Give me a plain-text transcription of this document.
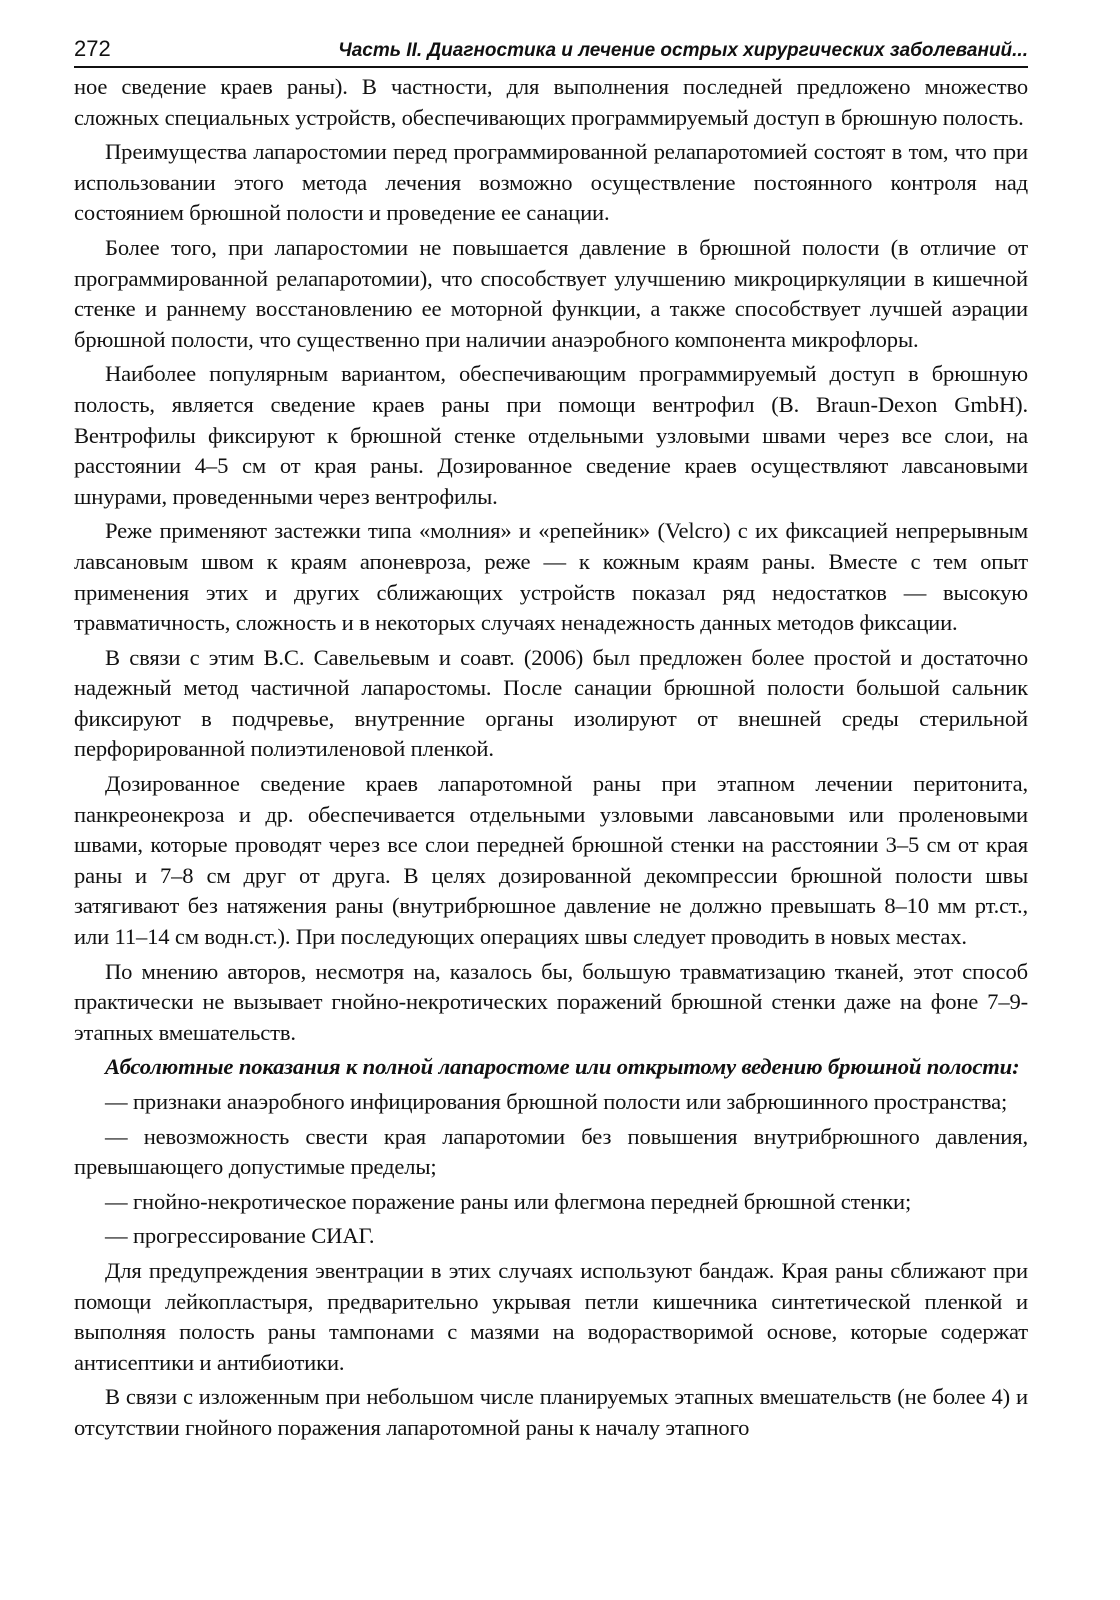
272	Часть II. Диагностика и лечение острых хирургических заболеваний...

ное сведение краев раны). В частности, для выполнения последней предложено множество сложных специальных устройств, обеспечивающих программируемый доступ в брюшную полость.

Преимущества лапаростомии перед программированной релапаротомией состоят в том, что при использовании этого метода лечения возможно осуществление постоянного контроля над состоянием брюшной полости и проведение ее санации.

Более того, при лапаростомии не повышается давление в брюшной полости (в отличие от программированной релапаротомии), что способствует улучшению микроциркуляции в кишечной стенке и раннему восстановлению ее моторной функции, а также способствует лучшей аэрации брюшной полости, что существенно при наличии анаэробного компонента микрофлоры.

Наиболее популярным вариантом, обеспечивающим программируемый доступ в брюшную полость, является сведение краев раны при помощи вентрофил (B. Braun-Dexon GmbH). Вентрофилы фиксируют к брюшной стенке отдельными узловыми швами через все слои, на расстоянии 4–5 см от края раны. Дозированное сведение краев осуществляют лавсановыми шнурами, проведенными через вентрофилы.

Реже применяют застежки типа «молния» и «репейник» (Velcro) с их фиксацией непрерывным лавсановым швом к краям апоневроза, реже — к кожным краям раны. Вместе с тем опыт применения этих и других сближающих устройств показал ряд недостатков — высокую травматичность, сложность и в некоторых случаях ненадежность данных методов фиксации.

В связи с этим В.С. Савельевым и соавт. (2006) был предложен более простой и достаточно надежный метод частичной лапаростомы. После санации брюшной полости большой сальник фиксируют в подчревье, внутренние органы изолируют от внешней среды стерильной перфорированной полиэтиленовой пленкой.

Дозированное сведение краев лапаротомной раны при этапном лечении перитонита, панкреонекроза и др. обеспечивается отдельными узловыми лавсановыми или проленовыми швами, которые проводят через все слои передней брюшной стенки на расстоянии 3–5 см от края раны и 7–8 см друг от друга. В целях дозированной декомпрессии брюшной полости швы затягивают без натяжения раны (внутрибрюшное давление не должно превышать 8–10 мм рт.ст., или 11–14 см водн.ст.). При последующих операциях швы следует проводить в новых местах.

По мнению авторов, несмотря на, казалось бы, большую травматизацию тканей, этот способ практически не вызывает гнойно-некротических поражений брюшной стенки даже на фоне 7–9-этапных вмешательств.

Абсолютные показания к полной лапаростоме или открытому ведению брюшной полости:

— признаки анаэробного инфицирования брюшной полости или забрюшинного пространства;
— невозможность свести края лапаротомии без повышения внутрибрюшного давления, превышающего допустимые пределы;
— гнойно-некротическое поражение раны или флегмона передней брюшной стенки;
— прогрессирование СИАГ.

Для предупреждения эвентрации в этих случаях используют бандаж. Края раны сближают при помощи лейкопластыря, предварительно укрывая петли кишечника синтетической пленкой и выполняя полость раны тампонами с мазями на водорастворимой основе, которые содержат антисептики и антибиотики.

В связи с изложенным при небольшом числе планируемых этапных вмешательств (не более 4) и отсутствии гнойного поражения лапаротомной раны к началу этапного
